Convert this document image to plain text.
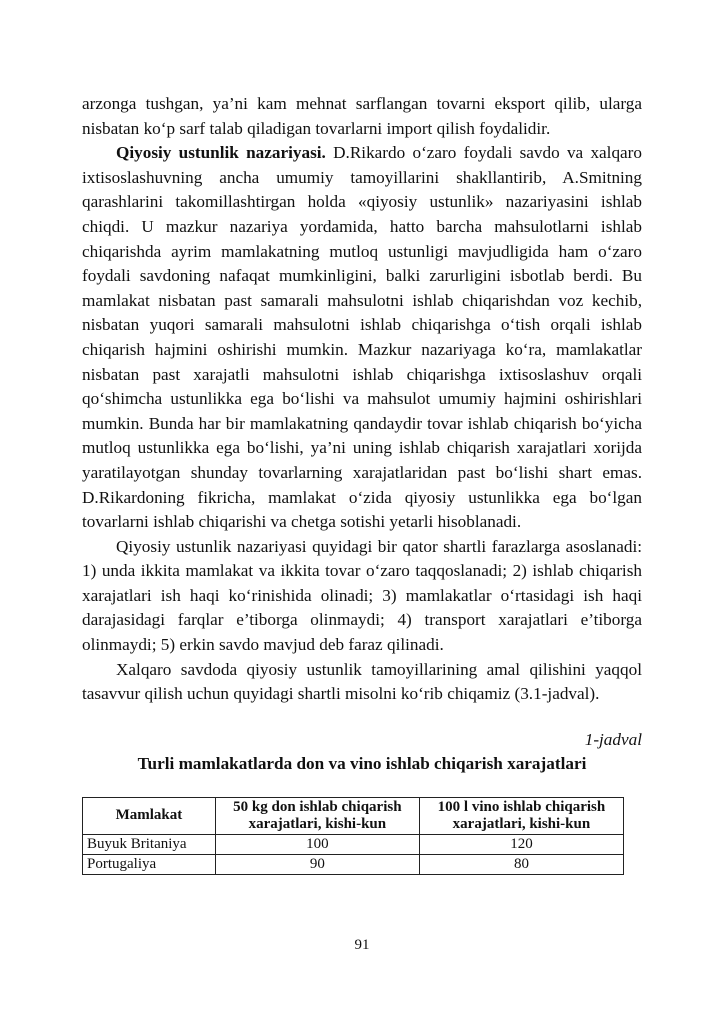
arzonga tushgan, ya’ni kam mehnat sarflangan tovarni eksport qilib, ularga nisbatan ko‘p sarf talab qiladigan tovarlarni import qilish foydalidir.

Qiyosiy ustunlik nazariyasi. D.Rikardo o‘zaro foydali savdo va xalqaro ixtisoslashuvning ancha umumiy tamoyillarini shakllantirib, A.Smitning qarashlarini takomillashtirgan holda «qiyosiy ustunlik» nazariyasini ishlab chiqdi. U mazkur nazariya yordamida, hatto barcha mahsulotlarni ishlab chiqarishda ayrim mamlakatning mutloq ustunligi mavjudligida ham o‘zaro foydali savdoning nafaqat mumkinligini, balki zarurligini isbotlab berdi. Bu mamlakat nisbatan past samarali mahsulotni ishlab chiqarishdan voz kechib, nisbatan yuqori samarali mahsulotni ishlab chiqarishga o‘tish orqali ishlab chiqarish hajmini oshirishi mumkin. Mazkur nazariyaga ko‘ra, mamlakatlar nisbatan past xarajatli mahsulotni ishlab chiqarishga ixtisoslashuv orqali qo‘shimcha ustunlikka ega bo‘lishi va mahsulot umumiy hajmini oshirishlari mumkin. Bunda har bir mamlakatning qandaydir tovar ishlab chiqarish bo‘yicha mutloq ustunlikka ega bo‘lishi, ya’ni uning ishlab chiqarish xarajatlari xorijda yaratilayotgan shunday tovarlarning xarajatlaridan past bo‘lishi shart emas. D.Rikardoning fikricha, mamlakat o‘zida qiyosiy ustunlikka ega bo‘lgan tovarlarni ishlab chiqarishi va chetga sotishi yetarli hisoblanadi.

Qiyosiy ustunlik nazariyasi quyidagi bir qator shartli farazlarga asoslanadi: 1) unda ikkita mamlakat va ikkita tovar o‘zaro taqqoslanadi; 2) ishlab chiqarish xarajatlari ish haqi ko‘rinishida olinadi; 3) mamlakatlar o‘rtasidagi ish haqi darajasidagi farqlar e’tiborga olinmaydi; 4) transport xarajatlari e’tiborga olinmaydi; 5) erkin savdo mavjud deb faraz qilinadi.

Xalqaro savdoda qiyosiy ustunlik tamoyillarining amal qilishini yaqqol tasavvur qilish uchun quyidagi shartli misolni ko‘rib chiqamiz (3.1-jadval).

1-jadval
Turli mamlakatlarda don va vino ishlab chiqarish xarajatlari
Mamlakat	50 kg don ishlab chiqarish xarajatlari, kishi-kun	100 l vino ishlab chiqarish xarajatlari, kishi-kun
Buyuk Britaniya	100	120
Portugaliya	90	80
91
